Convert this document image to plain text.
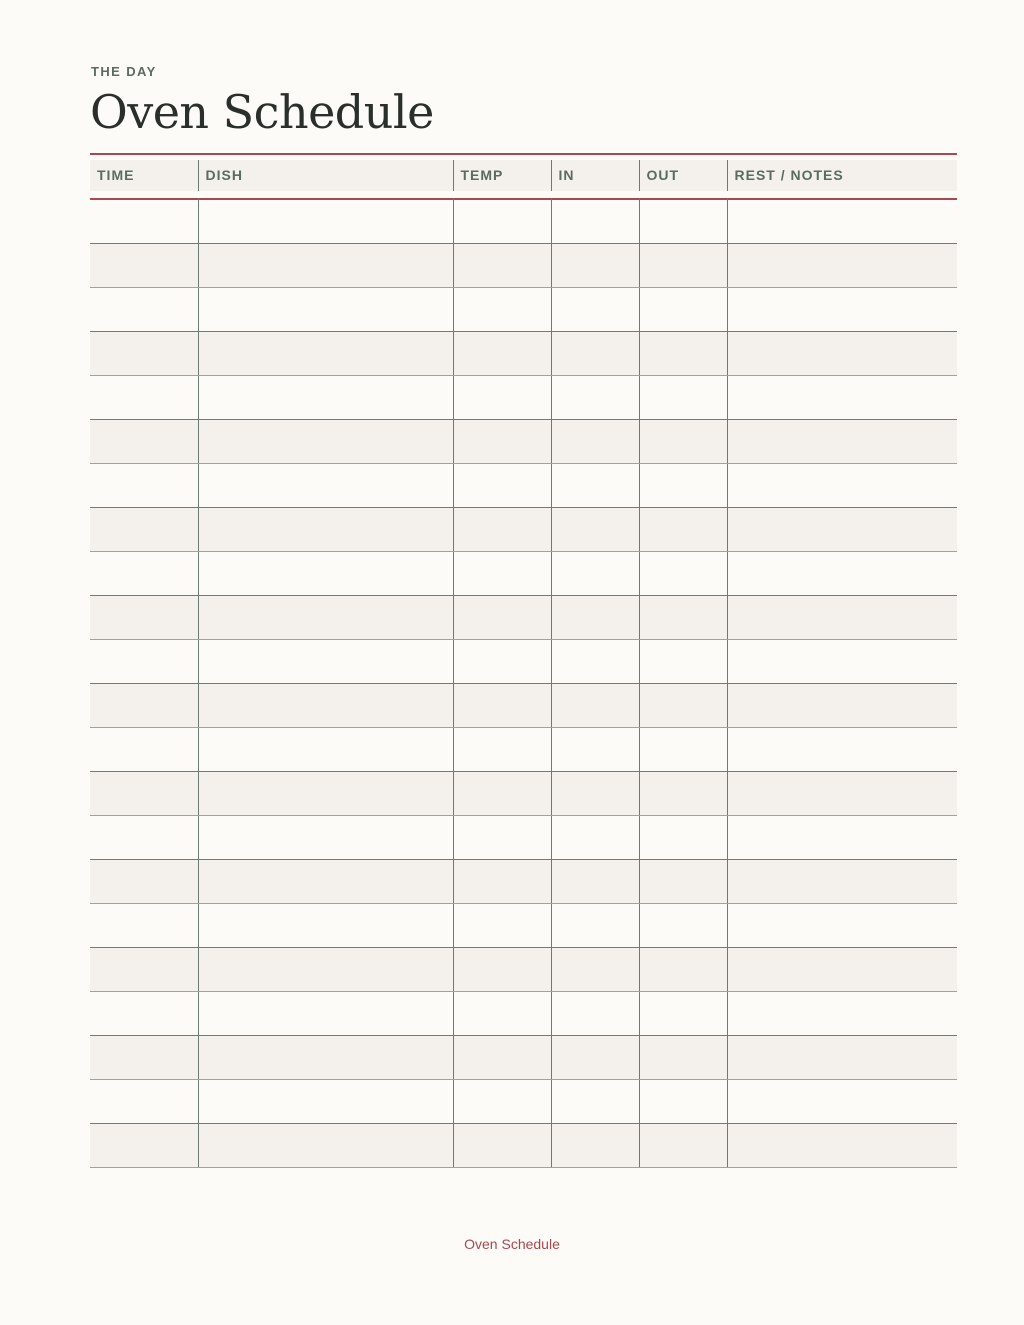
THE DAY
Oven Schedule
TIME	DISH	TEMP	IN	OUT	REST / NOTES

Oven Schedule
